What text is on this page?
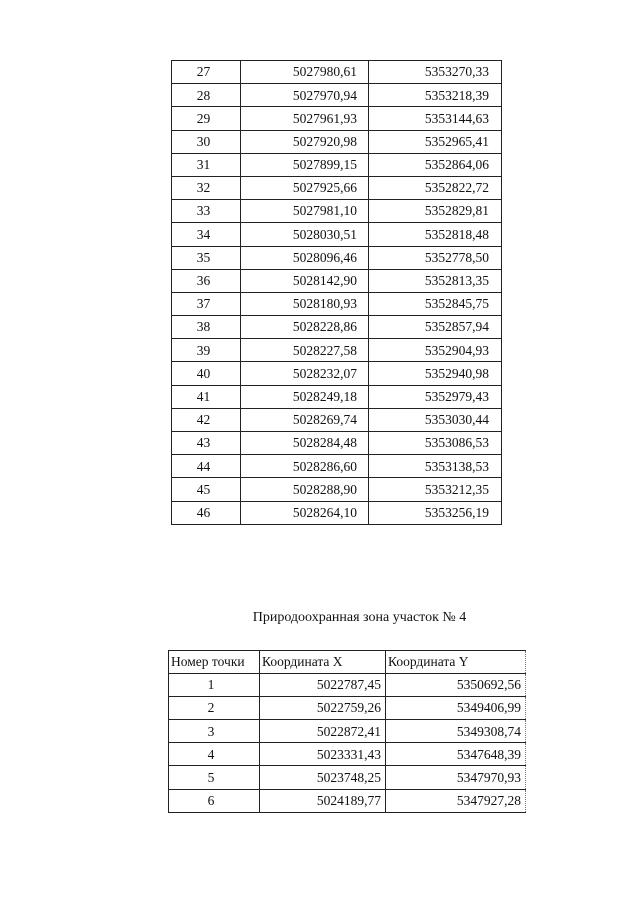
27	5027980,61	5353270,33
28	5027970,94	5353218,39
29	5027961,93	5353144,63
30	5027920,98	5352965,41
31	5027899,15	5352864,06
32	5027925,66	5352822,72
33	5027981,10	5352829,81
34	5028030,51	5352818,48
35	5028096,46	5352778,50
36	5028142,90	5352813,35
37	5028180,93	5352845,75
38	5028228,86	5352857,94
39	5028227,58	5352904,93
40	5028232,07	5352940,98
41	5028249,18	5352979,43
42	5028269,74	5353030,44
43	5028284,48	5353086,53
44	5028286,60	5353138,53
45	5028288,90	5353212,35
46	5028264,10	5353256,19
Природоохранная зона участок № 4
Номер точки	Координата X	Координата Y
1	5022787,45	5350692,56
2	5022759,26	5349406,99
3	5022872,41	5349308,74
4	5023331,43	5347648,39
5	5023748,25	5347970,93
6	5024189,77	5347927,28
